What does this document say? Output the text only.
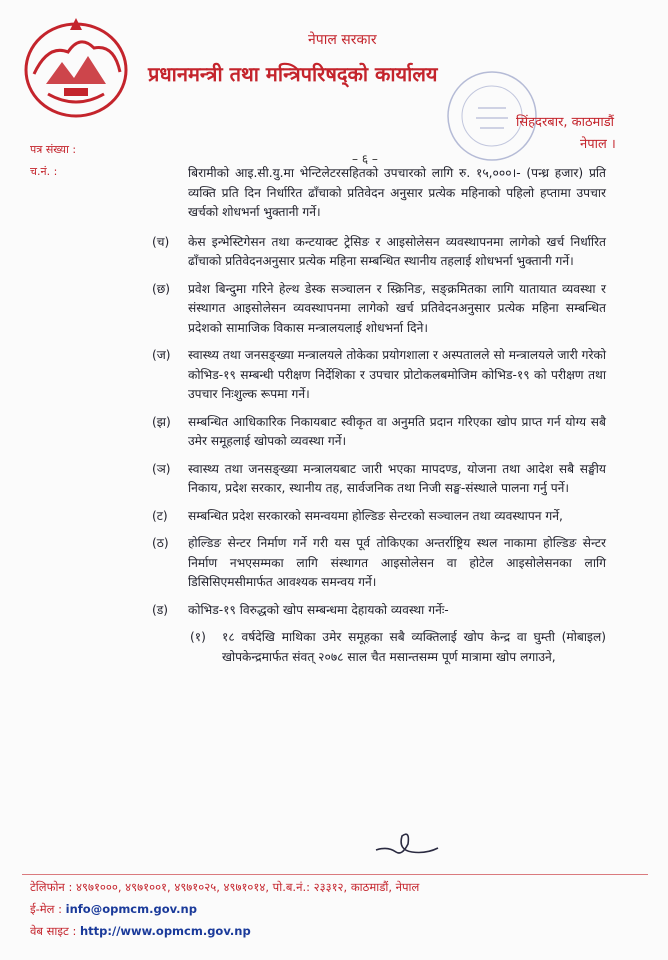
नेपाल सरकार
प्रधानमन्त्री तथा मन्त्रिपरिषद्‌को कार्यालय
सिंहदरबार, काठमाडौं
नेपाल ।
पत्र संख्या :
च.नं. :
– ६ –
बिरामीको आइ.सी.यु.मा भेन्टिलेटरसहितको उपचारको लागि रु. १५,०००।- (पन्ध्र हजार) प्रति व्यक्ति प्रति दिन निर्धारित ढाँचाको प्रतिवेदन अनुसार प्रत्येक महिनाको पहिलो हप्तामा उपचार खर्चको शोधभर्ना भुक्तानी गर्ने।
(च)	केस इन्भेस्टिगेसन तथा कन्टयाक्ट ट्रेसिङ र आइसोलेसन व्यवस्थापनमा लागेको खर्च निर्धारित ढाँचाको प्रतिवेदनअनुसार प्रत्येक महिना सम्बन्धित स्थानीय तहलाई शोधभर्ना भुक्तानी गर्ने।
(छ)	प्रवेश बिन्दुमा गरिने हेल्थ डेस्क सञ्चालन र स्क्रिनिङ, सङ्क्रमितका लागि यातायात व्यवस्था र संस्थागत आइसोलेसन व्यवस्थापनमा लागेको खर्च प्रतिवेदनअनुसार प्रत्येक महिना सम्बन्धित प्रदेशको सामाजिक विकास मन्त्रालयलाई शोधभर्ना दिने।
(ज)	स्वास्थ्य तथा जनसङ्ख्या मन्त्रालयले तोकेका प्रयोगशाला र अस्पतालले सो मन्त्रालयले जारी गरेको कोभिड-१९ सम्बन्धी परीक्षण निर्देशिका र उपचार प्रोटोकलबमोजिम कोभिड-१९ को परीक्षण तथा उपचार निःशुल्क रूपमा गर्ने।
(झ)	सम्बन्धित आधिकारिक निकायबाट स्वीकृत वा अनुमति प्रदान गरिएका खोप प्राप्त गर्न योग्य सबै उमेर समूहलाई खोपको व्यवस्था गर्ने।
(ञ)	स्वास्थ्य तथा जनसङ्ख्या मन्त्रालयबाट जारी भएका मापदण्ड, योजना तथा आदेश सबै सङ्घीय निकाय, प्रदेश सरकार, स्थानीय तह, सार्वजनिक तथा निजी सङ्घ-संस्थाले पालना गर्नु पर्ने।
(ट)	सम्बन्धित प्रदेश सरकारको समन्वयमा होल्डिङ सेन्टरको सञ्चालन तथा व्यवस्थापन गर्ने,
(ठ)	होल्डिङ सेन्टर निर्माण गर्ने गरी यस पूर्व तोकिएका अन्तर्राष्ट्रिय स्थल नाकामा होल्डिङ सेन्टर निर्माण नभएसम्मका लागि संस्थागत आइसोलेसन वा होटेल आइसोलेसनका लागि डिसिसिएमसीमार्फत आवश्यक समन्वय गर्ने।
(ड)	कोभिड-१९ विरुद्धको खोप सम्बन्धमा देहायको व्यवस्था गर्नेः-
(१) १८ वर्षदेखि माथिका उमेर समूहका सबै व्यक्तिलाई खोप केन्द्र वा घुम्ती (मोबाइल) खोपकेन्द्रमार्फत संवत् २०७८ साल चैत मसान्तसम्म पूर्ण मात्रामा खोप लगाउने,
टेलिफोन : ४९७१०००, ४९७१००१, ४९७१०२५, ४९७१०१४, पो.ब.नं.: २३३१२, काठमाडौं, नेपाल
ई-मेल : info@opmcm.gov.np
वेब साइट : http://www.opmcm.gov.np
